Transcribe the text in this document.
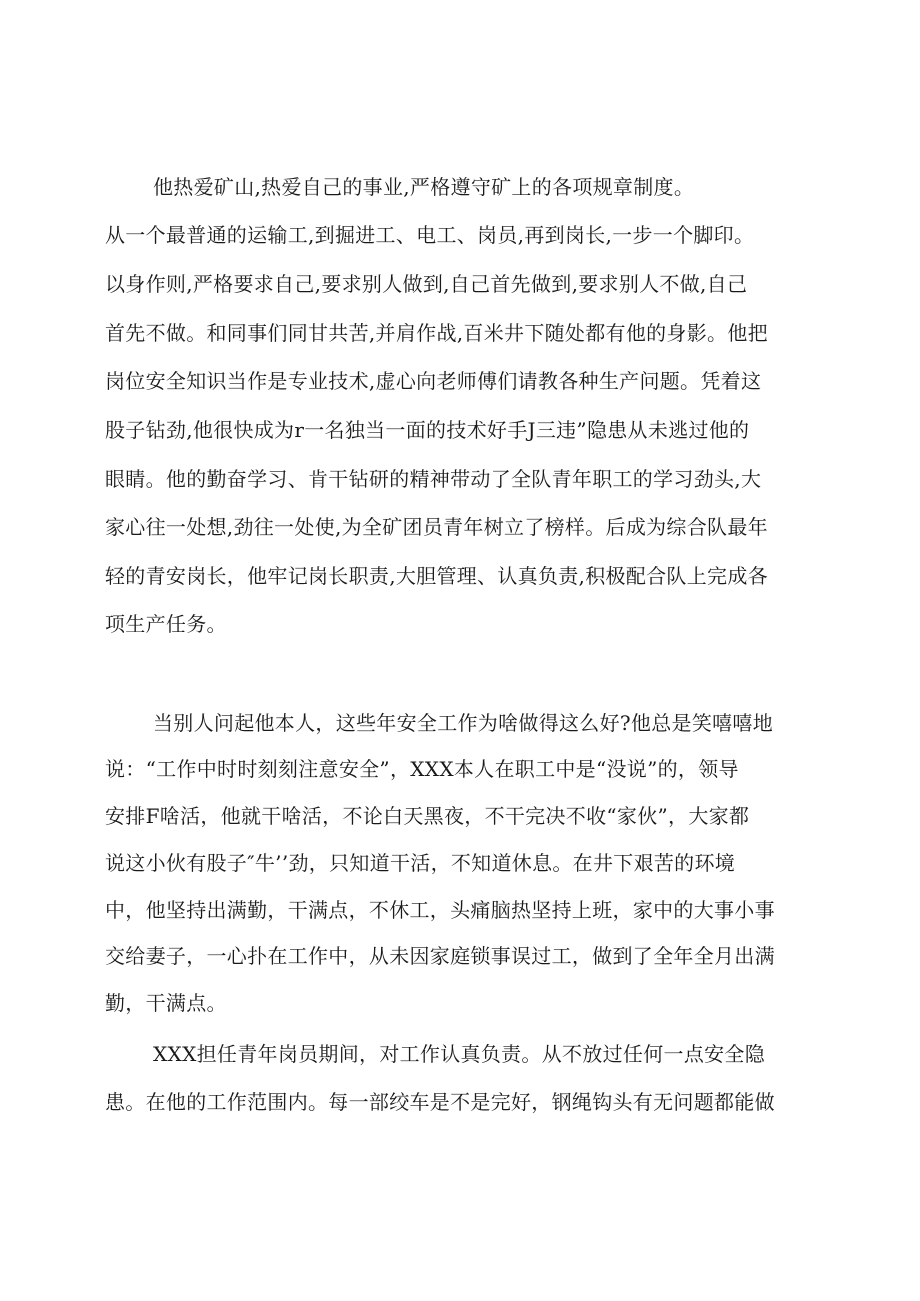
他热爱矿山,热爱自己的事业,严格遵守矿上的各项规章制度。

从一个最普通的运输工,到掘进工、电工、岗员,再到岗长,一步一个脚印。

以身作则,严格要求自己,要求别人做到,自己首先做到,要求别人不做,自己

首先不做。和同事们同甘共苦,并肩作战,百米井下随处都有他的身影。他把

岗位安全知识当作是专业技术,虚心向老师傅们请教各种生产问题。凭着这

股子钻劲,他很快成为r一名独当一面的技术好手J三违”隐患从未逃过他的

眼睛。他的勤奋学习、肯干钻研的精神带动了全队青年职工的学习劲头,大

家心往一处想,劲往一处使,为全矿团员青年树立了榜样。后成为综合队最年

轻的青安岗长，他牢记岗长职责,大胆管理、认真负责,积极配合队上完成各

项生产任务。

当别人问起他本人，这些年安全工作为啥做得这么好?他总是笑嘻嘻地

说：“工作中时时刻刻注意安全”，XXX本人在职工中是“没说”的，领导

安排F啥活，他就干啥活，不论白天黑夜，不干完决不收“家伙”，大家都

说这小伙有股子″牛’’劲，只知道干活，不知道休息。在井下艰苦的环境

中，他坚持出满勤，干满点，不休工，头痛脑热坚持上班，家中的大事小事

交给妻子，一心扑在工作中，从未因家庭锁事误过工，做到了全年全月出满

勤，干满点。

XXX担任青年岗员期间，对工作认真负责。从不放过任何一点安全隐

患。在他的工作范围内。每一部绞车是不是完好，钢绳钩头有无问题都能做
